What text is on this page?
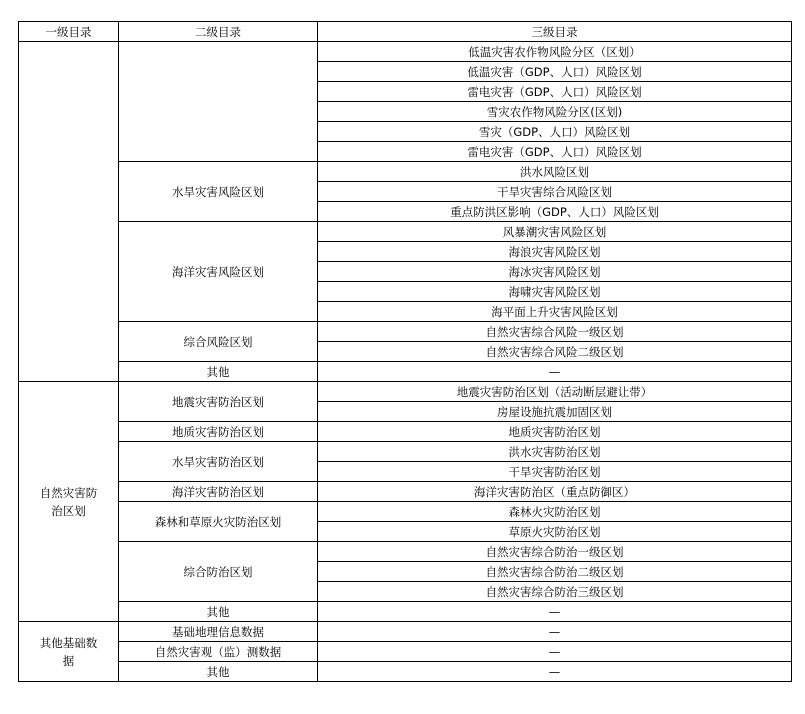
一级目录	二级目录	三级目录
		低温灾害农作物风险分区（区划）
		低温灾害（GDP、人口）风险区划
		雷电灾害（GDP、人口）风险区划
		雪灾农作物风险分区(区划)
		雪灾（GDP、人口）风险区划
		雷电灾害（GDP、人口）风险区划
	水旱灾害风险区划	洪水风险区划
		干旱灾害综合风险区划
		重点防洪区影响（GDP、人口）风险区划
	海洋灾害风险区划	风暴潮灾害风险区划
		海浪灾害风险区划
		海冰灾害风险区划
		海啸灾害风险区划
		海平面上升灾害风险区划
	综合风险区划	自然灾害综合风险一级区划
		自然灾害综合风险二级区划
	其他	—
自然灾害防
治区划	地震灾害防治区划	地震灾害防治区划（活动断层避让带）
		房屋设施抗震加固区划
	地质灾害防治区划	地质灾害防治区划
	水旱灾害防治区划	洪水灾害防治区划
		干旱灾害防治区划
	海洋灾害防治区划	海洋灾害防治区（重点防御区）
	森林和草原火灾防治区划	森林火灾防治区划
		草原火灾防治区划
	综合防治区划	自然灾害综合防治一级区划
		自然灾害综合防治二级区划
		自然灾害综合防治三级区划
	其他	—
其他基础数
据	基础地理信息数据	—
	自然灾害观（监）测数据	—
	其他	—
